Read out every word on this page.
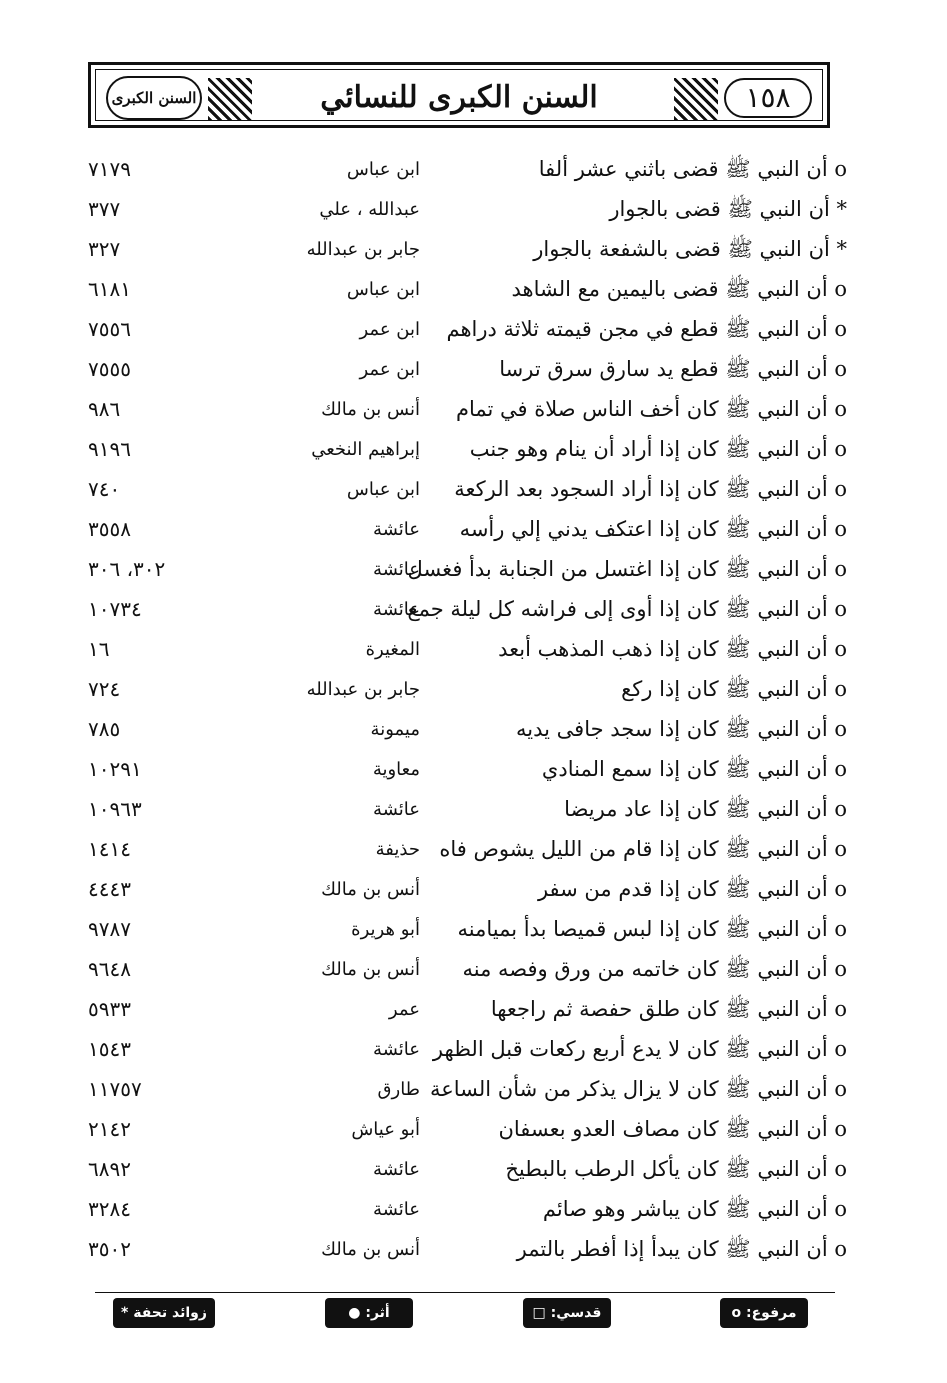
١٥٨
السنن الكبرى للنسائي
السنن الكبرى
o أن النبي ﷺ قضى باثني عشر ألفا
ابن عباس
٧١٧٩
* أن النبي ﷺ قضى بالجوار
عبدالله ، علي
٣٧٧
* أن النبي ﷺ قضى بالشفعة بالجوار
جابر بن عبدالله
٣٢٧
o أن النبي ﷺ قضى باليمين مع الشاهد
ابن عباس
٦١٨١
o أن النبي ﷺ قطع في مجن قيمته ثلاثة دراهم
ابن عمر
٧٥٥٦
o أن النبي ﷺ قطع يد سارق سرق ترسا
ابن عمر
٧٥٥٥
o أن النبي ﷺ كان أخف الناس صلاة في تمام
أنس بن مالك
٩٨٦
o أن النبي ﷺ كان إذا أراد أن ينام وهو جنب
إبراهيم النخعي
٩١٩٦
o أن النبي ﷺ كان إذا أراد السجود بعد الركعة
ابن عباس
٧٤٠
o أن النبي ﷺ كان إذا اعتكف يدني إلي رأسه
عائشة
٣٥٥٨
o أن النبي ﷺ كان إذا اغتسل من الجنابة بدأ فغسل
عائشة
٣٠٢، ٣٠٦
o أن النبي ﷺ كان إذا أوى إلى فراشه كل ليلة جمع
عائشة
١٠٧٣٤
o أن النبي ﷺ كان إذا ذهب المذهب أبعد
المغيرة
١٦
o أن النبي ﷺ كان إذا ركع
جابر بن عبدالله
٧٢٤
o أن النبي ﷺ كان إذا سجد جافى يديه
ميمونة
٧٨٥
o أن النبي ﷺ كان إذا سمع المنادي
معاوية
١٠٢٩١
o أن النبي ﷺ كان إذا عاد مريضا
عائشة
١٠٩٦٣
o أن النبي ﷺ كان إذا قام من الليل يشوص فاه
حذيفة
١٤١٤
o أن النبي ﷺ كان إذا قدم من سفر
أنس بن مالك
٤٤٤٣
o أن النبي ﷺ كان إذا لبس قميصا بدأ بميامنه
أبو هريرة
٩٧٨٧
o أن النبي ﷺ كان خاتمه من ورق وفصه منه
أنس بن مالك
٩٦٤٨
o أن النبي ﷺ كان طلق حفصة ثم راجعها
عمر
٥٩٣٣
o أن النبي ﷺ كان لا يدع أربع ركعات قبل الظهر
عائشة
١٥٤٣
o أن النبي ﷺ كان لا يزال يذكر من شأن الساعة
طارق
١١٧٥٧
o أن النبي ﷺ كان مصاف العدو بعسفان
أبو عياش
٢١٤٢
o أن النبي ﷺ كان يأكل الرطب بالبطيخ
عائشة
٦٨٩٢
o أن النبي ﷺ كان يباشر وهو صائم
عائشة
٣٢٨٤
o أن النبي ﷺ كان يبدأ إذا أفطر بالتمر
أنس بن مالك
٣٥٠٢
مرفوع: o
قدسي: □
أثر: ●
زوائد تحفة *
